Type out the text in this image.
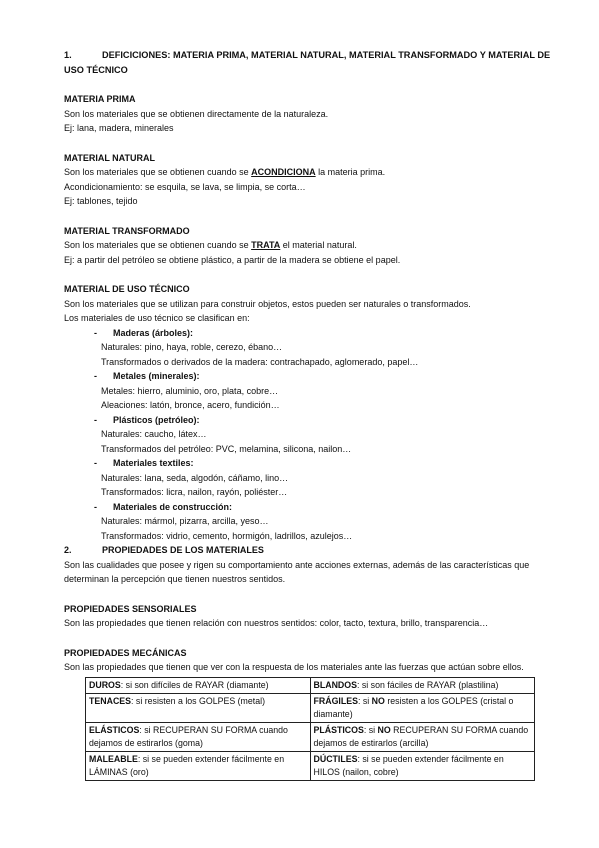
1.	DEFICICIONES: MATERIA PRIMA, MATERIAL NATURAL, MATERIAL TRANSFORMADO Y MATERIAL DE USO TÉCNICO

MATERIA PRIMA

Son los materiales que se obtienen directamente de la naturaleza.

Ej: lana, madera, minerales

MATERIAL NATURAL

Son los materiales que se obtienen cuando se ACONDICIONA la materia prima.

Acondicionamiento: se esquila, se lava, se limpia, se corta…

Ej: tablones, tejido

MATERIAL TRANSFORMADO

Son los materiales que se obtienen cuando se TRATA el material natural.

Ej: a partir del petróleo se obtiene plástico, a partir de la madera se obtiene el papel.

MATERIAL DE USO TÉCNICO

Son los materiales que se utilizan para construir objetos, estos pueden ser naturales o transformados.

Los materiales de uso técnico se clasifican en:

- Maderas (árboles):

Naturales: pino, haya, roble, cerezo, ébano…

Transformados o derivados de la madera: contrachapado, aglomerado, papel…

- Metales (minerales):

Metales: hierro, aluminio, oro, plata, cobre…

Aleaciones: latón, bronce, acero, fundición…

- Plásticos (petróleo):

Naturales: caucho, látex…

Transformados del petróleo: PVC, melamina, silicona, nailon…

- Materiales textiles:

Naturales: lana, seda, algodón, cáñamo, lino…

Transformados: licra, nailon, rayón, poliéster…

- Materiales de construcción:

Naturales: mármol, pizarra, arcilla, yeso…

Transformados: vidrio, cemento, hormigón, ladrillos, azulejos…

2.	PROPIEDADES DE LOS MATERIALES

Son las cualidades que posee y rigen su comportamiento ante acciones externas, además de las características que determinan la percepción que tienen nuestros sentidos.

PROPIEDADES SENSORIALES

Son las propiedades que tienen relación con nuestros sentidos: color, tacto, textura, brillo, transparencia…

PROPIEDADES MECÁNICAS

Son las propiedades que tienen que ver con la respuesta de los materiales ante las fuerzas que actúan sobre ellos.

DUROS: si son difíciles de RAYAR (diamante)	BLANDOS: si son fáciles de RAYAR (plastilina)
TENACES: si resisten a los GOLPES (metal)	FRÁGILES: si NO resisten a los GOLPES (cristal o diamante)
ELÁSTICOS: si RECUPERAN SU FORMA cuando dejamos de estirarlos (goma)	PLÁSTICOS: si NO RECUPERAN SU FORMA cuando dejamos de estirarlos (arcilla)
MALEABLE: si se pueden extender fácilmente en LÁMINAS (oro)	DÚCTILES: si se pueden extender fácilmente en HILOS (nailon, cobre)
